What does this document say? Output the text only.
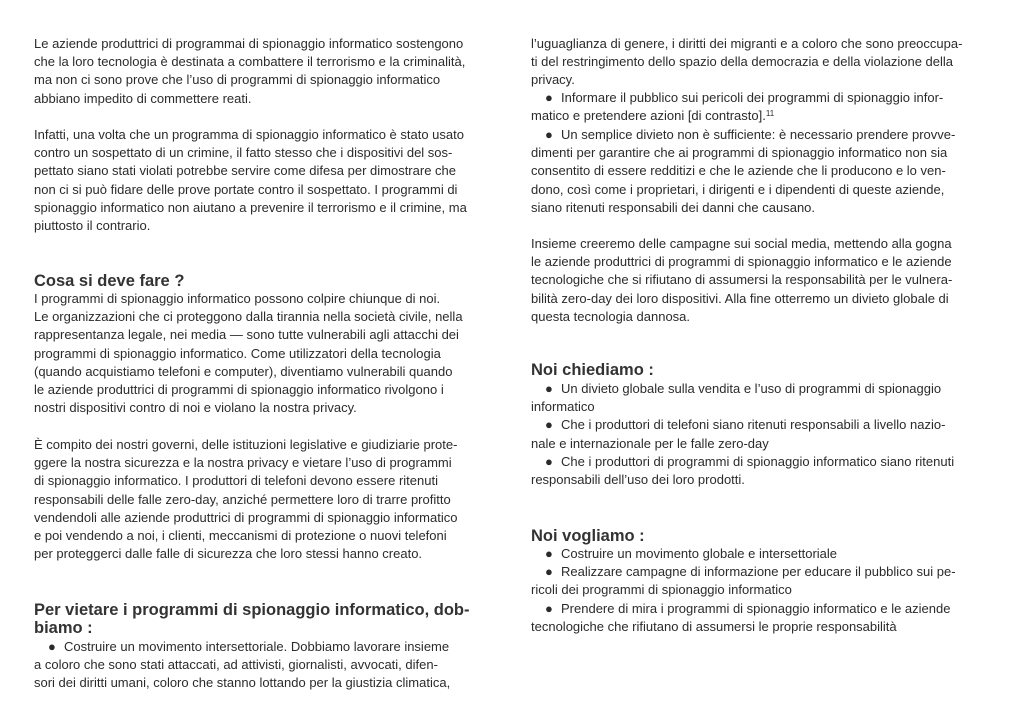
Le aziende produttrici di programmai di spionaggio informatico sostengono
che la loro tecnologia è destinata a combattere il terrorismo e la criminalità,
ma non ci sono prove che l’uso di programmi di spionaggio informatico
abbiano impedito di commettere reati.
Infatti, una volta che un programma di spionaggio informatico è stato usato
contro un sospettato di un crimine, il fatto stesso che i dispositivi del sos-
pettato siano stati violati potrebbe servire come difesa per dimostrare che
non ci si può fidare delle prove portate contro il sospettato. I programmi di
spionaggio informatico non aiutano a prevenire il terrorismo e il crimine, ma
piuttosto il contrario.
Cosa si deve fare ?
I programmi di spionaggio informatico possono colpire chiunque di noi.
Le organizzazioni che ci proteggono dalla tirannia nella società civile, nella
rappresentanza legale, nei media — sono tutte vulnerabili agli attacchi dei
programmi di spionaggio informatico. Come utilizzatori della tecnologia
(quando acquistiamo telefoni e computer), diventiamo vulnerabili quando
le aziende produttrici di programmi di spionaggio informatico rivolgono i
nostri dispositivi contro di noi e violano la nostra privacy.
È compito dei nostri governi, delle istituzioni legislative e giudiziarie prote-
ggere la nostra sicurezza e la nostra privacy e vietare l’uso di programmi
di spionaggio informatico. I produttori di telefoni devono essere ritenuti
responsabili delle falle zero-day, anziché permettere loro di trarre profitto
vendendoli alle aziende produttrici di programmi di spionaggio informatico
e poi vendendo a noi, i clienti, meccanismi di protezione o nuovi telefoni
per proteggerci dalle falle di sicurezza che loro stessi hanno creato.
Per vietare i programmi di spionaggio informatico, dob-
biamo :
● Costruire un movimento intersettoriale. Dobbiamo lavorare insieme
a coloro che sono stati attaccati, ad attivisti, giornalisti, avvocati, difen-
sori dei diritti umani, coloro che stanno lottando per la giustizia climatica,
l’uguaglianza di genere, i diritti dei migranti e a coloro che sono preoccupa-
ti del restringimento dello spazio della democrazia e della violazione della
privacy.
● Informare il pubblico sui pericoli dei programmi di spionaggio infor-
matico e pretendere azioni [di contrasto].$^{11}$
● Un semplice divieto non è sufficiente: è necessario prendere provve-
dimenti per garantire che ai programmi di spionaggio informatico non sia
consentito di essere redditizi e che le aziende che li producono e lo ven-
dono, così come i proprietari, i dirigenti e i dipendenti di queste aziende,
siano ritenuti responsabili dei danni che causano.
Insieme creeremo delle campagne sui social media, mettendo alla gogna
le aziende produttrici di programmi di spionaggio informatico e le aziende
tecnologiche che si rifiutano di assumersi la responsabilità per le vulnera-
bilità zero-day dei loro dispositivi. Alla fine otterremo un divieto globale di
questa tecnologia dannosa.
Noi chiediamo :
● Un divieto globale sulla vendita e l’uso di programmi di spionaggio
informatico
● Che i produttori di telefoni siano ritenuti responsabili a livello nazio-
nale e internazionale per le falle zero-day
● Che i produttori di programmi di spionaggio informatico siano ritenuti
responsabili dell’uso dei loro prodotti.
Noi vogliamo :
● Costruire un movimento globale e intersettoriale
● Realizzare campagne di informazione per educare il pubblico sui pe-
ricoli dei programmi di spionaggio informatico
● Prendere di mira i programmi di spionaggio informatico e le aziende
tecnologiche che rifiutano di assumersi le proprie responsabilità
